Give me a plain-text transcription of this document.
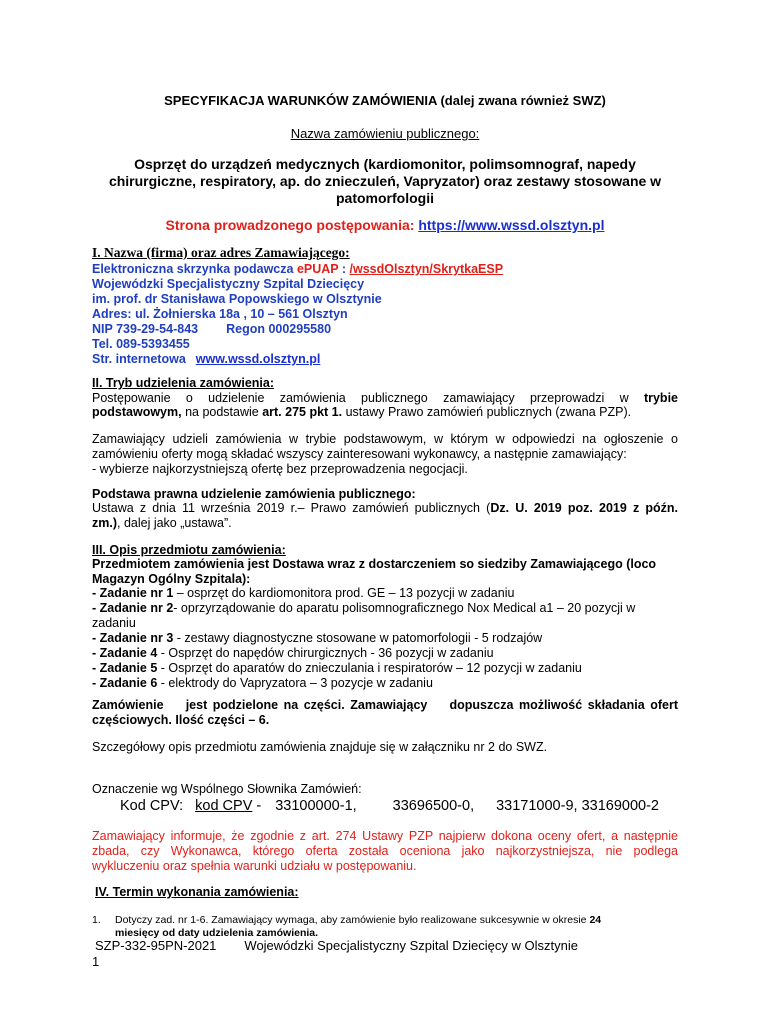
SPECYFIKACJA WARUNKÓW ZAMÓWIENIA (dalej zwana również SWZ)
Nazwa zamówieniu publicznego:
Osprzęt do urządzeń medycznych (kardiomonitor, polimsomnograf, napedy
chirurgiczne, respiratory, ap. do znieczuleń, Vapryzator) oraz zestawy stosowane w
patomorfologii
Strona prowadzonego postępowania: https://www.wssd.olsztyn.pl
I. Nazwa (firma) oraz adres Zamawiającego:
Elektroniczna skrzynka podawcza ePUAP : /wssdOlsztyn/SkrytkaESP
Wojewódzki Specjalistyczny Szpital Dziecięcy
im. prof. dr Stanisława Popowskiego w Olsztynie
Adres: ul. Żołnierska 18a , 10 – 561 Olsztyn
NIP 739-29-54-843 Regon 000295580
Tel. 089-5393455
Str. internetowa www.wssd.olsztyn.pl
II. Tryb udzielenia zamówienia:
Postępowanie o udzielenie zamówienia publicznego zamawiający przeprowadzi w trybie
podstawowym, na podstawie art. 275 pkt 1. ustawy Prawo zamówień publicznych (zwana PZP).
Zamawiający udzieli zamówienia w trybie podstawowym, w którym w odpowiedzi na ogłoszenie o
zamówieniu oferty mogą składać wszyscy zainteresowani wykonawcy, a następnie zamawiający:
- wybierze najkorzystniejszą ofertę bez przeprowadzenia negocjacji.
Podstawa prawna udzielenie zamówienia publicznego:
Ustawa z dnia 11 września 2019 r.– Prawo zamówień publicznych (Dz. U. 2019 poz. 2019 z późn.
zm.), dalej jako „ustawa”.
III. Opis przedmiotu zamówienia:
Przedmiotem zamówienia jest Dostawa wraz z dostarczeniem so siedziby Zamawiającego (loco
Magazyn Ogólny Szpitala):
- Zadanie nr 1 – osprzęt do kardiomonitora prod. GE – 13 pozycji w zadaniu
- Zadanie nr 2- oprzyrządowanie do aparatu polisomnograficznego Nox Medical a1 – 20 pozycji w
zadaniu
- Zadanie nr 3 - zestawy diagnostyczne stosowane w patomorfologii - 5 rodzajów
- Zadanie 4 - Osprzęt do napędów chirurgicznych - 36 pozycji w zadaniu
- Zadanie 5 - Osprzęt do aparatów do znieczulania i respiratorów – 12 pozycji w zadaniu
- Zadanie 6 - elektrody do Vapryzatora – 3 pozycje w zadaniu
Zamówienie    jest podzielone na części. Zamawiający    dopuszcza możliwość składania ofert
częściowych. Ilość części – 6.
Szczegółowy opis przedmiotu zamówienia znajduje się w załączniku nr 2 do SWZ.
Oznaczenie wg Wspólnego Słownika Zamówień:
Kod CPV: kod CPV - 33100000-1, 33696500-0, 33171000-9, 33169000-2
Zamawiający informuje, że zgodnie z art. 274 Ustawy PZP najpierw dokona oceny ofert, a następnie
zbada, czy Wykonawca, którego oferta została oceniona jako najkorzystniejsza, nie podlega
wykluczeniu oraz spełnia warunki udziału w postępowaniu.
IV. Termin wykonania zamówienia:
1. Dotyczy zad. nr 1-6. Zamawiający wymaga, aby zamówienie było realizowane sukcesywnie w okresie 24
miesięcy od daty udzielenia zamówienia.
SZP-332-95PN-2021 Wojewódzki Specjalistyczny Szpital Dziecięcy w Olsztynie
1
